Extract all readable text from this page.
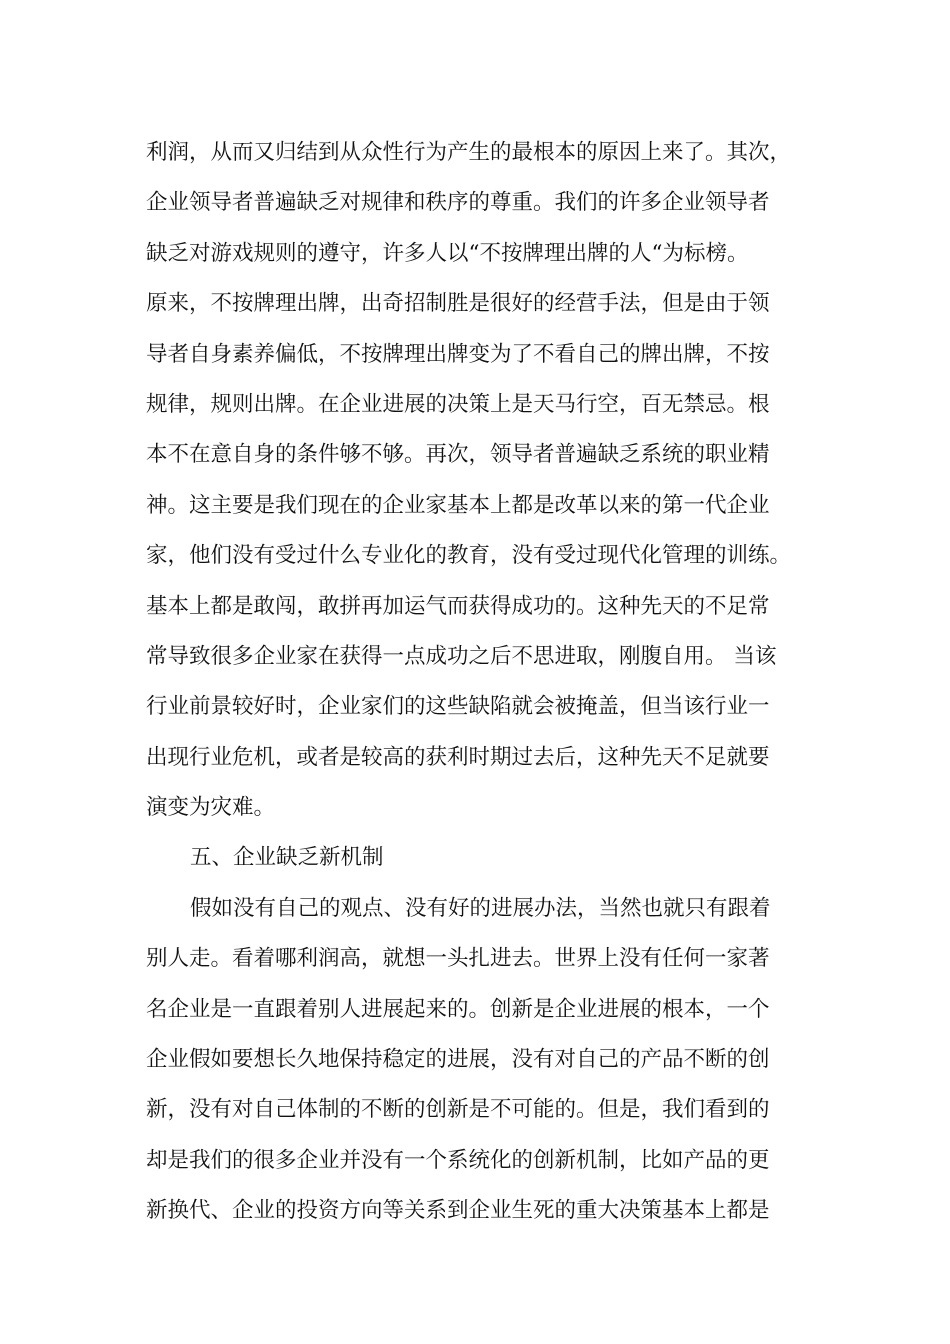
利润，从而又归结到从众性行为产生的最根本的原因上来了。其次，
企业领导者普遍缺乏对规律和秩序的尊重。我们的许多企业领导者
缺乏对游戏规则的遵守，许多人以“不按牌理出牌的人“为标榜。
原来，不按牌理出牌，出奇招制胜是很好的经营手法，但是由于领
导者自身素养偏低，不按牌理出牌变为了不看自己的牌出牌，不按
规律，规则出牌。在企业进展的决策上是天马行空，百无禁忌。根
本不在意自身的条件够不够。再次，领导者普遍缺乏系统的职业精
神。这主要是我们现在的企业家基本上都是改革以来的第一代企业
家，他们没有受过什么专业化的教育，没有受过现代化管理的训练。
基本上都是敢闯，敢拼再加运气而获得成功的。这种先天的不足常
常导致很多企业家在获得一点成功之后不思进取，刚腹自用。 当该
行业前景较好时，企业家们的这些缺陷就会被掩盖，但当该行业一
出现行业危机，或者是较高的获利时期过去后，这种先天不足就要
演变为灾难。
五、企业缺乏新机制
假如没有自己的观点、没有好的进展办法，当然也就只有跟着
别人走。看着哪利润高，就想一头扎进去。世界上没有任何一家著
名企业是一直跟着别人进展起来的。创新是企业进展的根本，一个
企业假如要想长久地保持稳定的进展，没有对自己的产品不断的创
新，没有对自己体制的不断的创新是不可能的。但是，我们看到的
却是我们的很多企业并没有一个系统化的创新机制，比如产品的更
新换代、企业的投资方向等关系到企业生死的重大决策基本上都是
